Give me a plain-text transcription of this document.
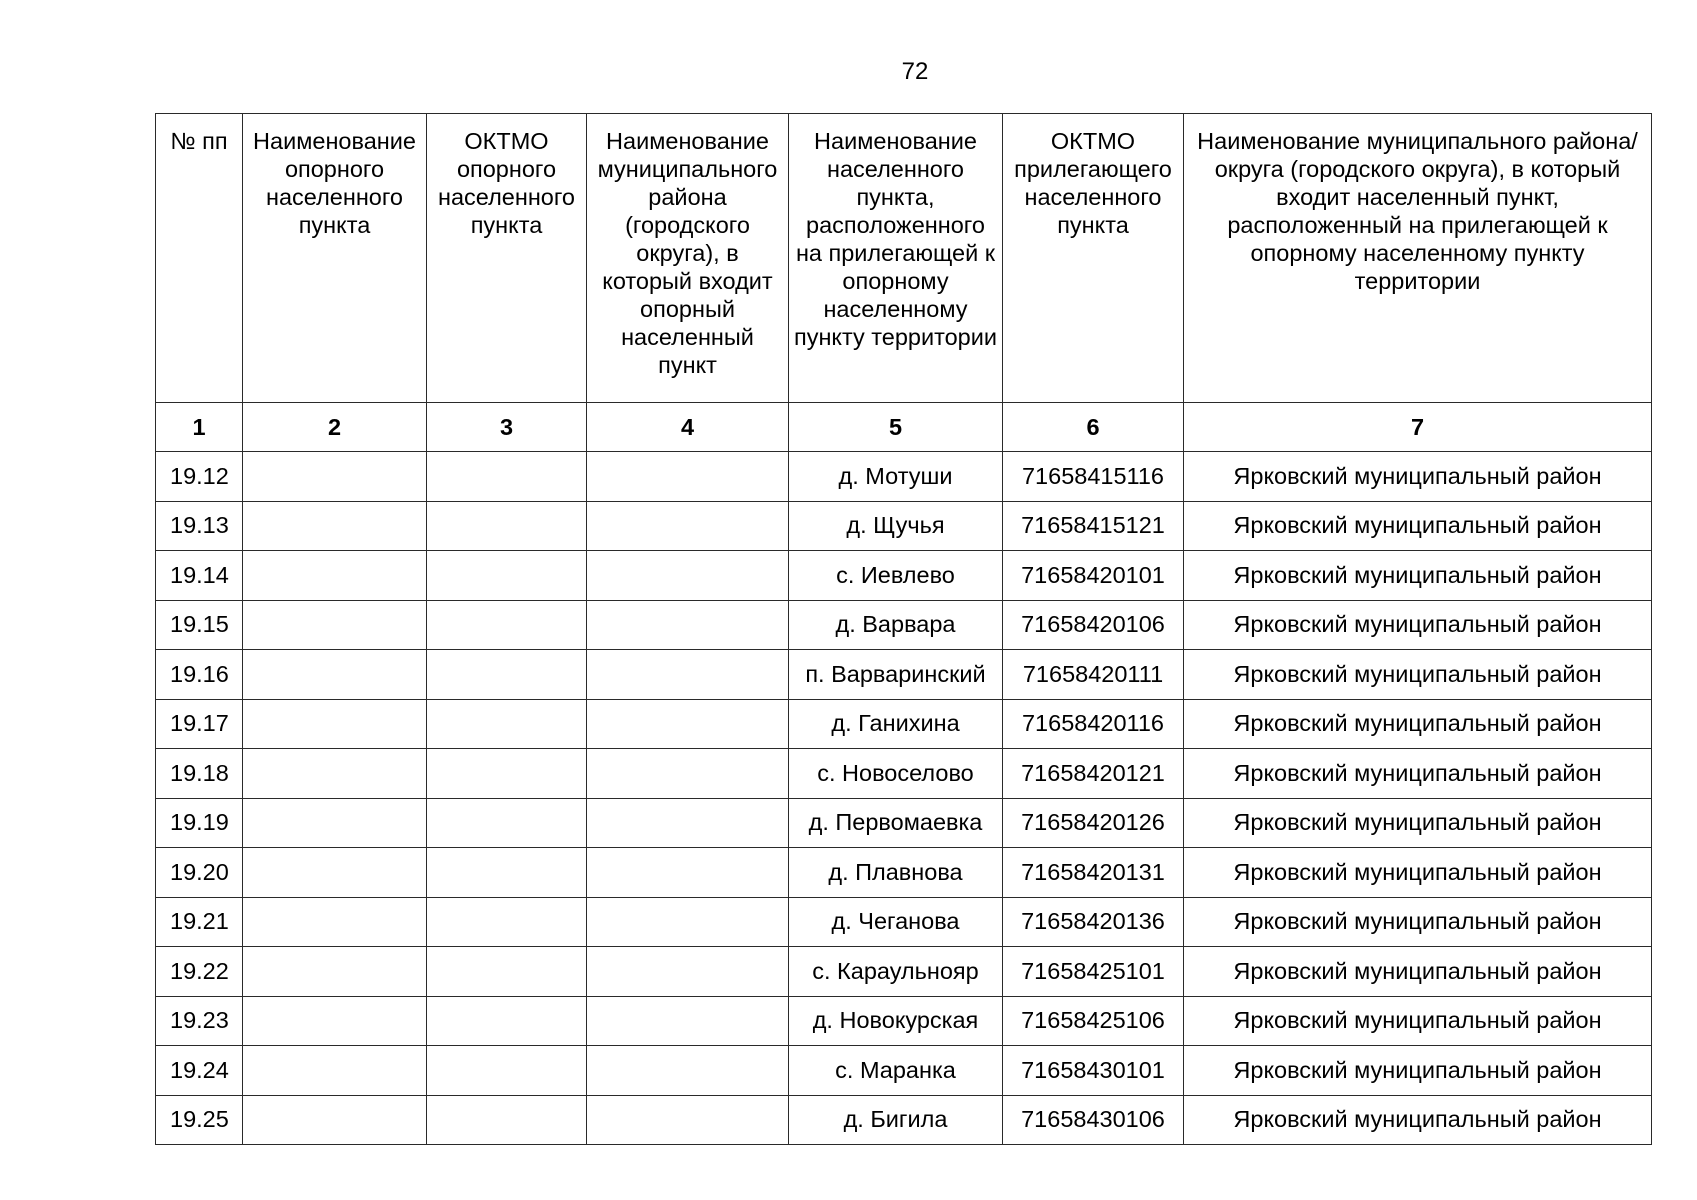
72
№ пп	Наименование опорного населенного пункта	ОКТМО опорного населенного пункта	Наименование муниципального района (городского округа), в который входит опорный населенный пункт	Наименование населенного пункта, расположенного на прилегающей к опорному населенному пункту территории	ОКТМО прилегающего населенного пункта	Наименование муниципального района/округа (городского округа), в который входит населенный пункт, расположенный на прилегающей к опорному населенному пункту территории
1	2	3	4	5	6	7
19.12				д. Мотуши	71658415116	Ярковский муниципальный район
19.13				д. Щучья	71658415121	Ярковский муниципальный район
19.14				с. Иевлево	71658420101	Ярковский муниципальный район
19.15				д. Варвара	71658420106	Ярковский муниципальный район
19.16				п. Варваринский	71658420111	Ярковский муниципальный район
19.17				д. Ганихина	71658420116	Ярковский муниципальный район
19.18				с. Новоселово	71658420121	Ярковский муниципальный район
19.19				д. Первомаевка	71658420126	Ярковский муниципальный район
19.20				д. Плавнова	71658420131	Ярковский муниципальный район
19.21				д. Чеганова	71658420136	Ярковский муниципальный район
19.22				с. Караульнояр	71658425101	Ярковский муниципальный район
19.23				д. Новокурская	71658425106	Ярковский муниципальный район
19.24				с. Маранка	71658430101	Ярковский муниципальный район
19.25				д. Бигила	71658430106	Ярковский муниципальный район
